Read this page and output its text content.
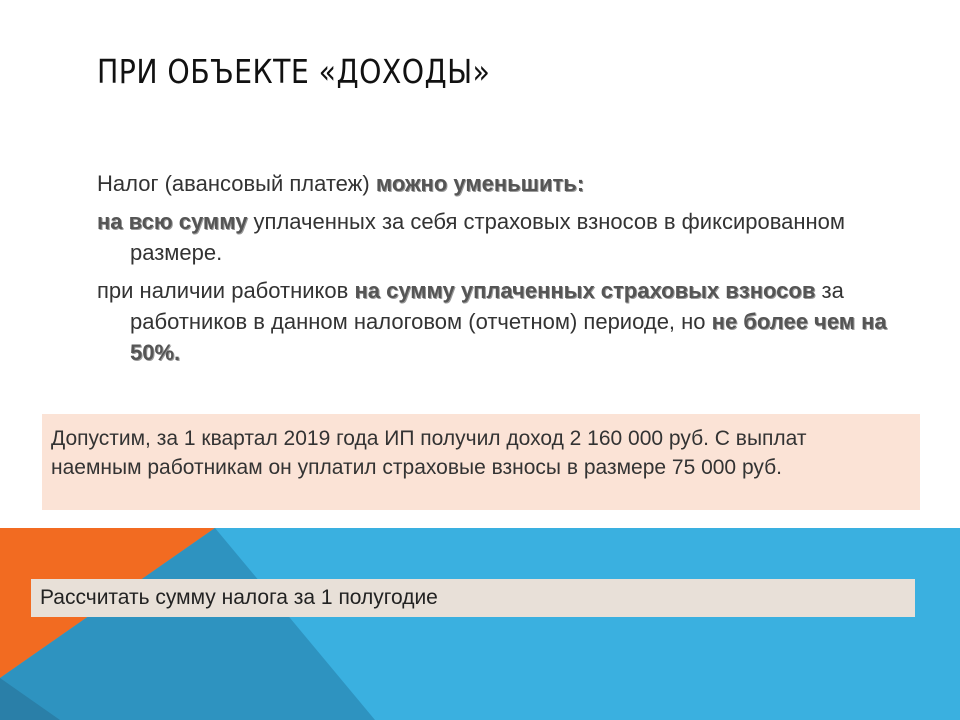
ПРИ ОБЪЕКТЕ «ДОХОДЫ»

Налог (авансовый платеж) можно уменьшить:

на всю сумму уплаченных за себя страховых взносов в фиксированном размере.

при наличии работников на сумму уплаченных страховых взносов за работников в данном налоговом (отчетном) периоде, но не более чем на 50%.

Допустим, за 1 квартал 2019 года ИП получил доход 2 160 000 руб. С выплат наемным работникам он уплатил страховые взносы в размере 75 000 руб.
Рассчитать сумму налога за 1 полугодие
